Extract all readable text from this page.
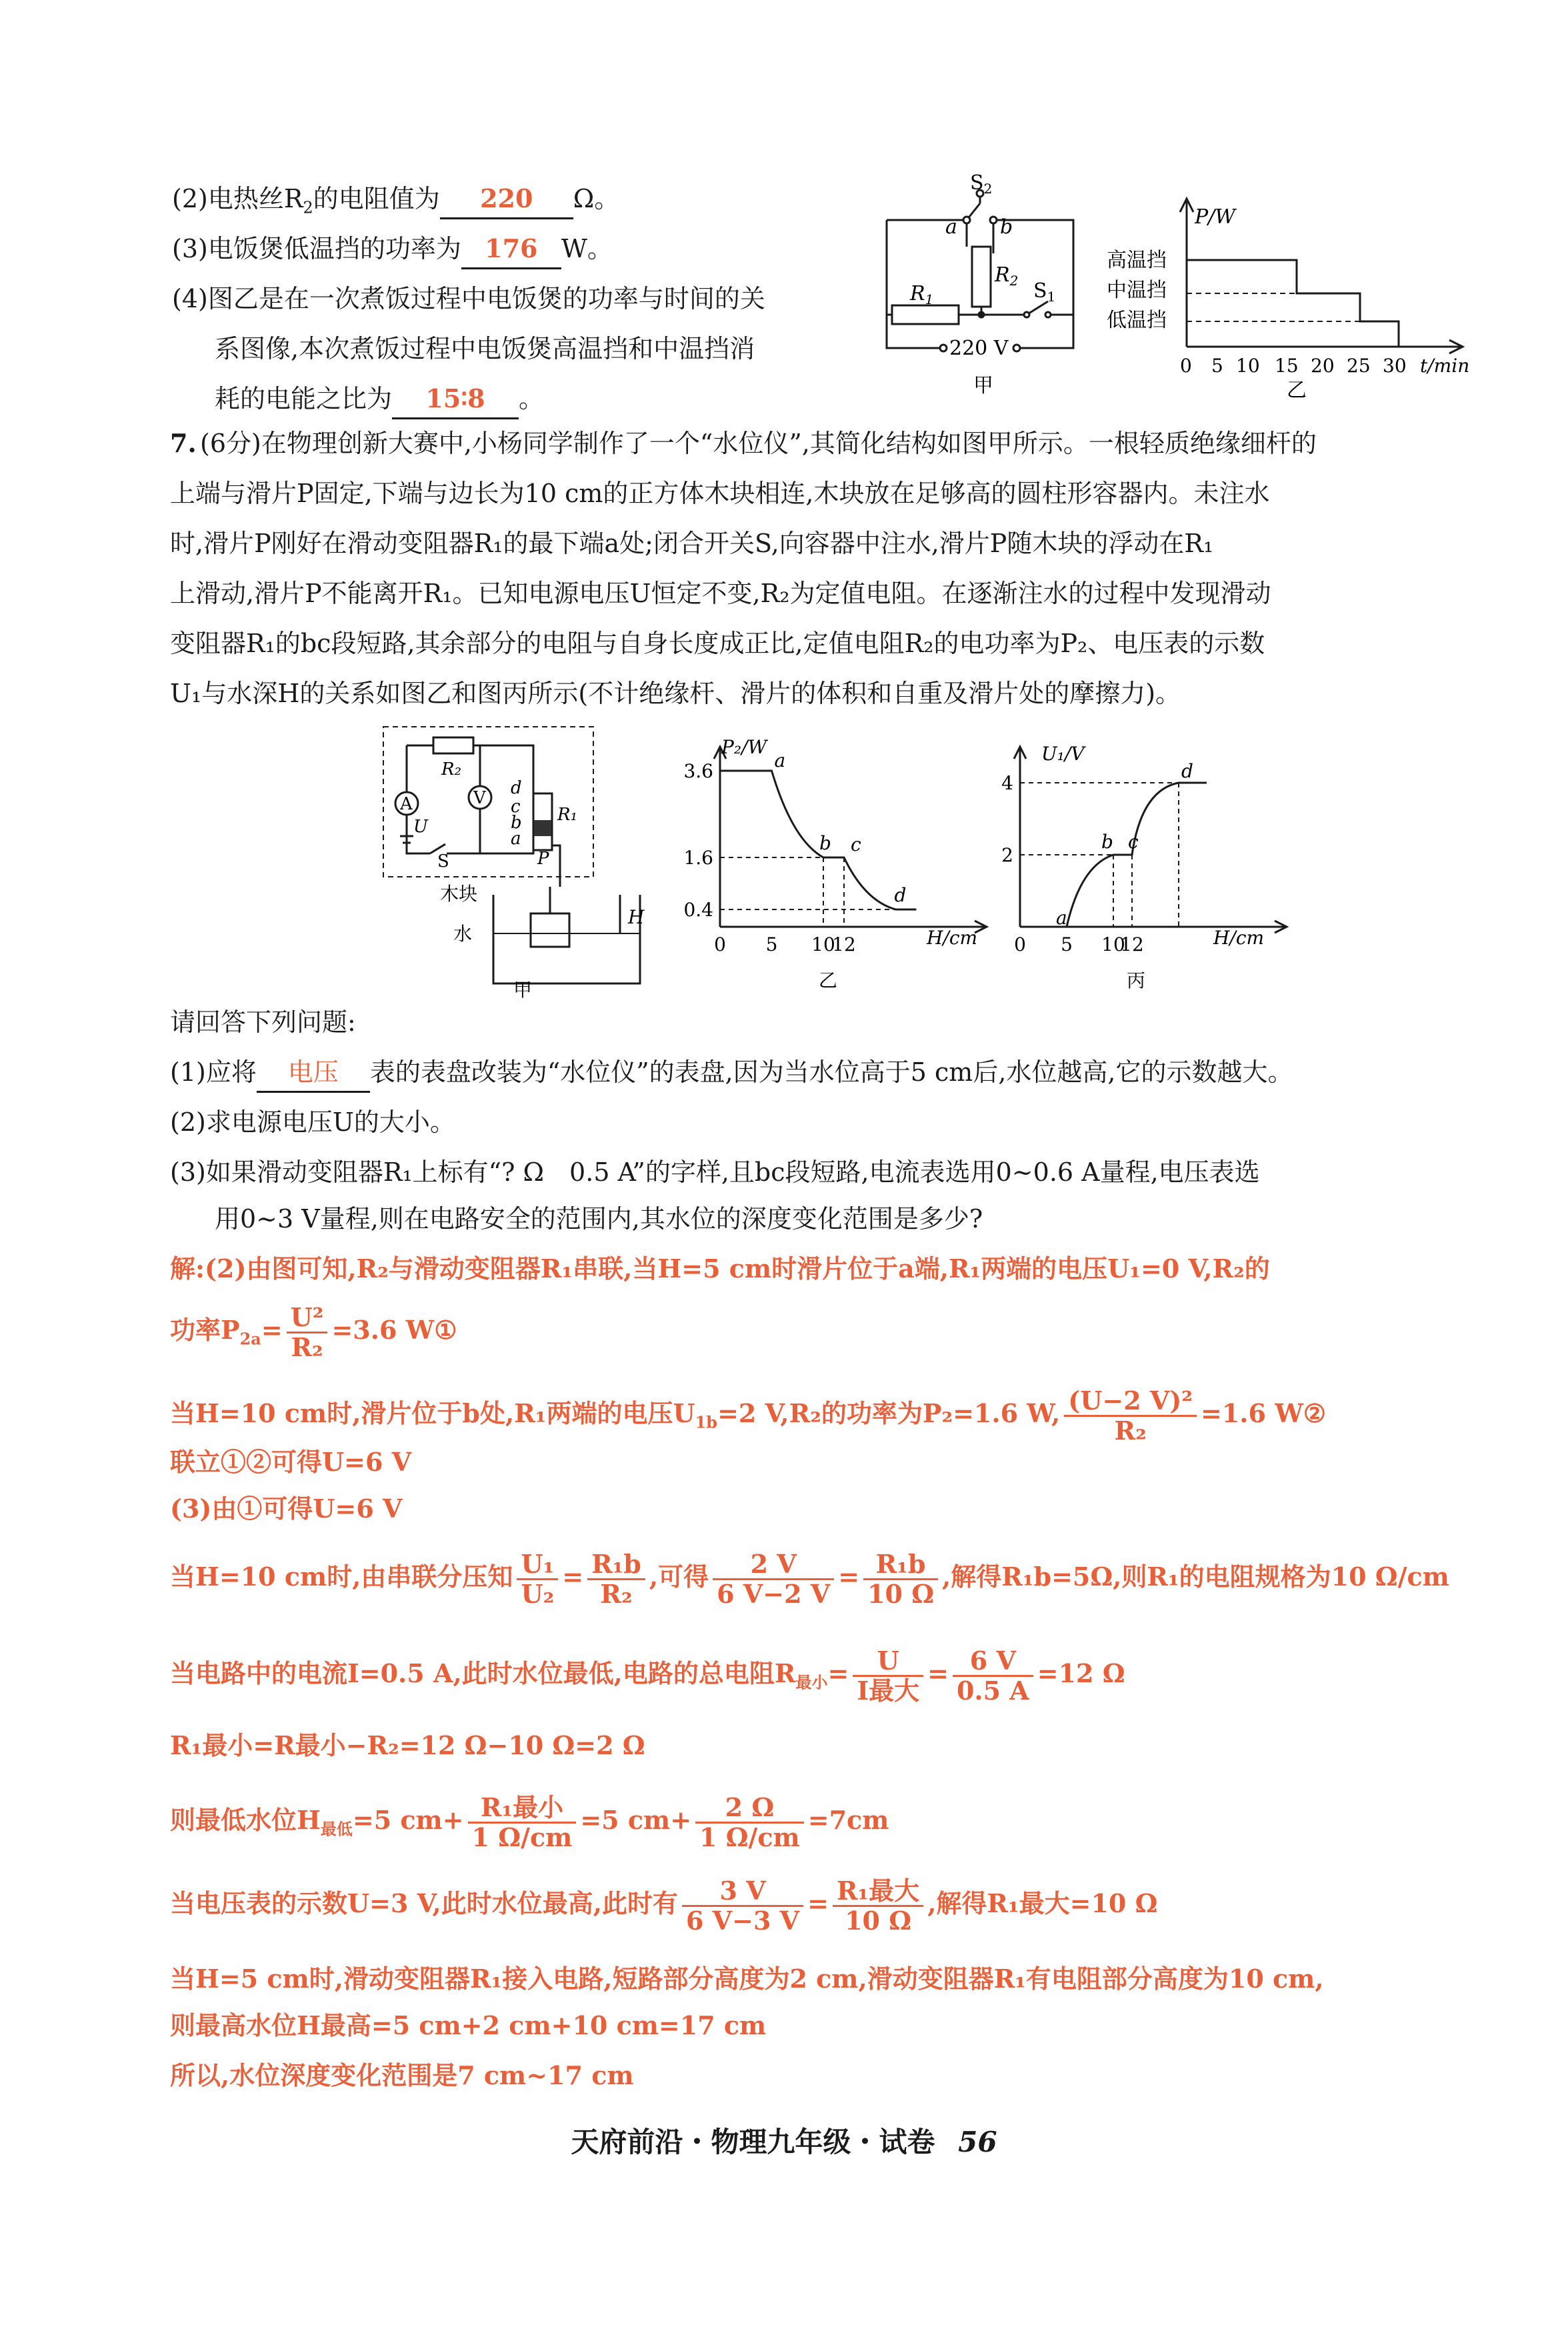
(2)电热丝$R_2$的电阻值为 220 Ω。
(3)电饭煲低温挡的功率为 176 W。
(4)图乙是在一次煮饭过程中电饭煲的功率与时间的关
系图像,本次煮饭过程中电饭煲高温挡和中温挡消
耗的电能之比为 15∶8 。
$S_2$
a b
$R_1$
$R_2$ $S_1$
220 V
甲
P/W
高温挡
中温挡
低温挡
0 5 10 15 20 25 30 t/min
乙
7. (6分)在物理创新大赛中,小杨同学制作了一个“水位仪”,其简化结构如图甲所示。一根轻质绝缘细杆的
上端与滑片P固定,下端与边长为10 cm的正方体木块相连,木块放在足够高的圆柱形容器内。未注水
时,滑片P刚好在滑动变阻器R₁的最下端a处;闭合开关S,向容器中注水,滑片P随木块的浮动在R₁
上滑动,滑片P不能离开R₁。已知电源电压U恒定不变,R₂为定值电阻。在逐渐注水的过程中发现滑动
变阻器R₁的bc段短路,其余部分的电阻与自身长度成正比,定值电阻R₂的电功率为P₂、电压表的示数
U₁与水深H的关系如图乙和图丙所示(不计绝缘杆、滑片的体积和自重及滑片处的摩擦力)。
R₂
A	V
U
S
d
c
b
a
R₁
P
木块
水
H
甲
3.6
1.6
0.4
0 5 10
12
a
b c
d
P₂/W
H/cm
乙
4
2
0 5 10
12
a
b c
d
U₁/V
H/cm
丙
请回答下列问题:
(1)应将 电压 表的表盘改装为“水位仪”的表盘,因为当水位高于5 cm后,水位越高,它的示数越大。
(2)求电源电压U的大小。
(3)如果滑动变阻器R₁上标有“? Ω　0.5 A”的字样,且bc段短路,电流表选用0~0.6 A量程,电压表选
用0~3 V量程,则在电路安全的范围内,其水位的深度变化范围是多少?
解:(2)由图可知,R₂与滑动变阻器R₁串联,当H=5 cm时滑片位于a端,R₁两端的电压U₁=0 V,R₂的
功率$P_{2a}= \frac{\text{U²}}{\text{R₂}} =3.6$ W①
当H=10 cm时,滑片位于b处,R₁两端的电压$U_{1b}=2$ V,R₂的功率为P₂=1.6 W, $\frac{\text{(U−2 V)²}}{\text{R₂}} =1.6$ W②
联立①②可得U=6 V
(3)由①可得U=6 V
当H=10 cm时,由串联分压知 $\frac{\text{U₁}}{\text{U₂}} = \frac{\text{R₁b}}{\text{R₂}}$ ,可得 $\frac{2 V}{6 V-2 V} = \frac{\text{R₁b}}{10 \Omega}$ ,解得R₁b=5Ω,则R₁的电阻规格为10 Ω/cm
当电路中的电流I=0.5 A,此时水位最低,电路的总电阻$R_{最小}= \frac{U}{\text{I最大}} = \frac{6 V}{0.5 A} =12$ Ω
R₁最小=R最小−R₂=12 Ω−10 Ω=2 Ω
则最低水位$H_{最低}=5$ $cm+ \frac{\text{R₁最小}}{1 \Omega/cm} =5$ $cm+ \frac{2 \Omega}{1 \Omega/cm} =7cm$
当电压表的示数U=3 V,此时水位最高,此时有 $\frac{3 V}{6 V-3 V} = \frac{\text{R₁最大}}{10 \Omega}$ ,解得R₁最大=10 Ω
当H=5 cm时,滑动变阻器R₁接入电路,短路部分高度为2 cm,滑动变阻器R₁有电阻部分高度为10 cm,
则最高水位H最高=5 cm+2 cm+10 cm=17 cm
所以,水位深度变化范围是7 cm~17 cm
天府前沿・物理九年级・试卷 56
